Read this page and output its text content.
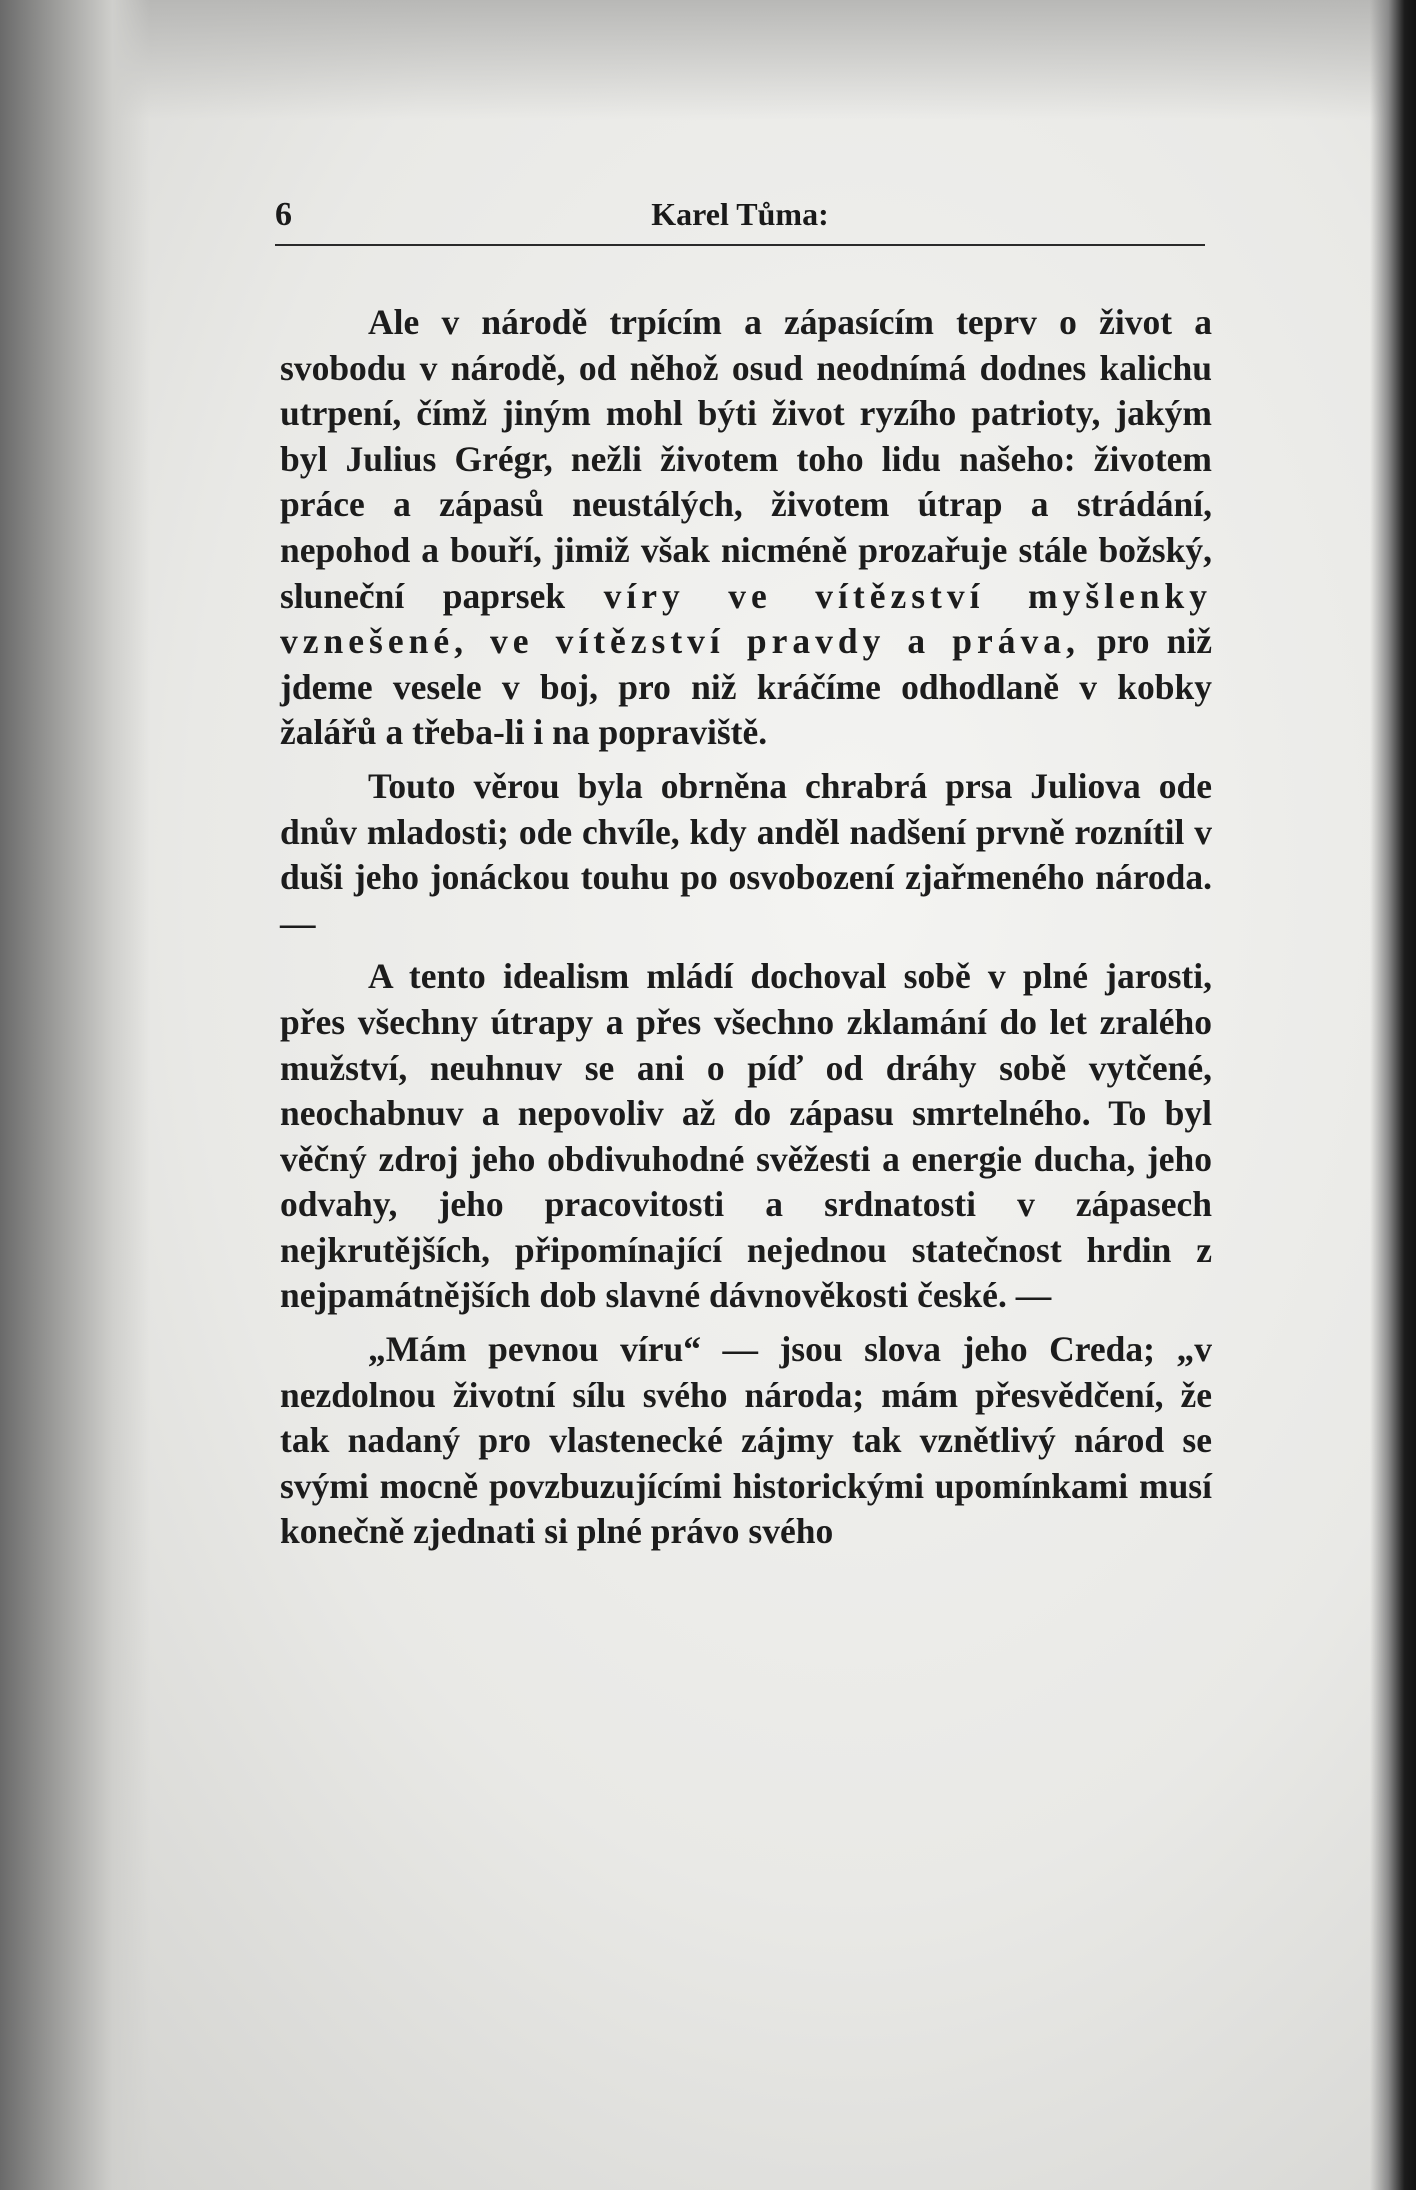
6	Karel Tůma:

Ale v národě trpícím a zápasícím teprv o život a svobodu v národě, od něhož osud neodnímá dodnes kalichu utrpení, čímž jiným mohl býti život ryzího patrioty, jakým byl Julius Grégr, nežli životem toho lidu našeho: životem práce a zápasů neustálých, životem útrap a strádání, nepohod a bouří, jimiž však nicméně prozařuje stále božský, sluneční paprsek víry ve vítězství myšlenky vznešené, ve vítězství pravdy a práva, pro niž jdeme vesele v boj, pro niž kráčíme odhodlaně v kobky žalářů a třeba-li i na popraviště.

Touto věrou byla obrněna chrabrá prsa Juliova ode dnův mladosti; ode chvíle, kdy anděl nadšení prvně roznítil v duši jeho jonáckou touhu po osvobození zjařmeného národa. —

A tento idealism mládí dochoval sobě v plné jarosti, přes všechny útrapy a přes všechno zklamání do let zralého mužství, neuhnuv se ani o píď od dráhy sobě vytčené, neochabnuv a nepovoliv až do zápasu smrtelného. To byl věčný zdroj jeho obdivuhodné svěžesti a energie ducha, jeho odvahy, jeho pracovitosti a srdnatosti v zápasech nejkrutějších, připomínající nejednou statečnost hrdin z nejpamátnějších dob slavné dávnověkosti české. —

„Mám pevnou víru“ — jsou slova jeho Creda; „v nezdolnou životní sílu svého národa; mám přesvědčení, že tak nadaný pro vlastenecké zájmy tak vznětlivý národ se svými mocně povzbuzujícími historickými upomínkami musí konečně zjednati si plné právo svého
